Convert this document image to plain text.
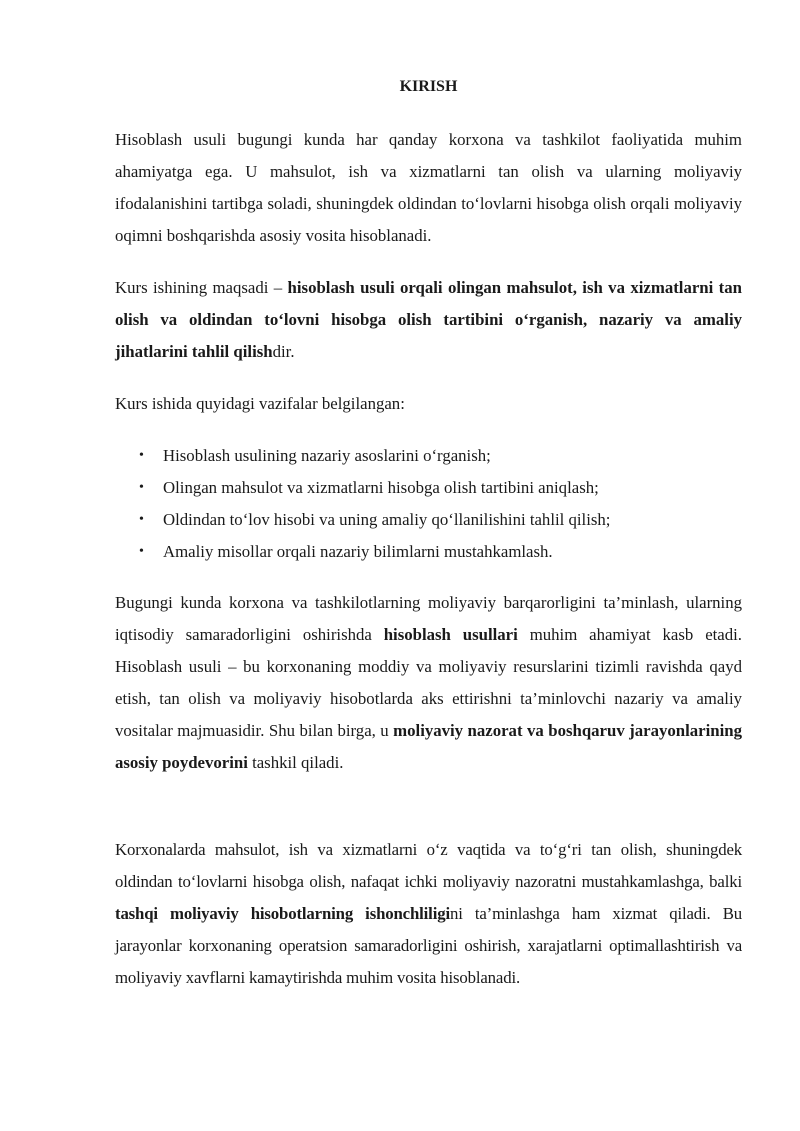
KIRISH

Hisoblash usuli bugungi kunda har qanday korxona va tashkilot faoliyatida muhim ahamiyatga ega. U mahsulot, ish va xizmatlarni tan olish va ularning moliyaviy ifodalanishini tartibga soladi, shuningdek oldindan to‘lovlarni hisobga olish orqali moliyaviy oqimni boshqarishda asosiy vosita hisoblanadi.

Kurs ishining maqsadi – hisoblash usuli orqali olingan mahsulot, ish va xizmatlarni tan olish va oldindan to‘lovni hisobga olish tartibini o‘rganish, nazariy va amaliy jihatlarini tahlil qilishdir.

Kurs ishida quyidagi vazifalar belgilangan:

• Hisoblash usulining nazariy asoslarini o‘rganish;
• Olingan mahsulot va xizmatlarni hisobga olish tartibini aniqlash;
• Oldindan to‘lov hisobi va uning amaliy qo‘llanilishini tahlil qilish;
• Amaliy misollar orqali nazariy bilimlarni mustahkamlash.

Bugungi kunda korxona va tashkilotlarning moliyaviy barqarorligini ta’minlash, ularning iqtisodiy samaradorligini oshirishda hisoblash usullari muhim ahamiyat kasb etadi. Hisoblash usuli – bu korxonaning moddiy va moliyaviy resurslarini tizimli ravishda qayd etish, tan olish va moliyaviy hisobotlarda aks ettirishni ta’minlovchi nazariy va amaliy vositalar majmuasidir. Shu bilan birga, u moliyaviy nazorat va boshqaruv jarayonlarining asosiy poydevorini tashkil qiladi.

Korxonalarda mahsulot, ish va xizmatlarni o‘z vaqtida va to‘g‘ri tan olish, shuningdek oldindan to‘lovlarni hisobga olish, nafaqat ichki moliyaviy nazoratni mustahkamlashga, balki tashqi moliyaviy hisobotlarning ishonchliligini ta’minlashga ham xizmat qiladi. Bu jarayonlar korxonaning operatsion samaradorligini oshirish, xarajatlarni optimallashtirish va moliyaviy xavflarni kamaytirishda muhim vosita hisoblanadi.
